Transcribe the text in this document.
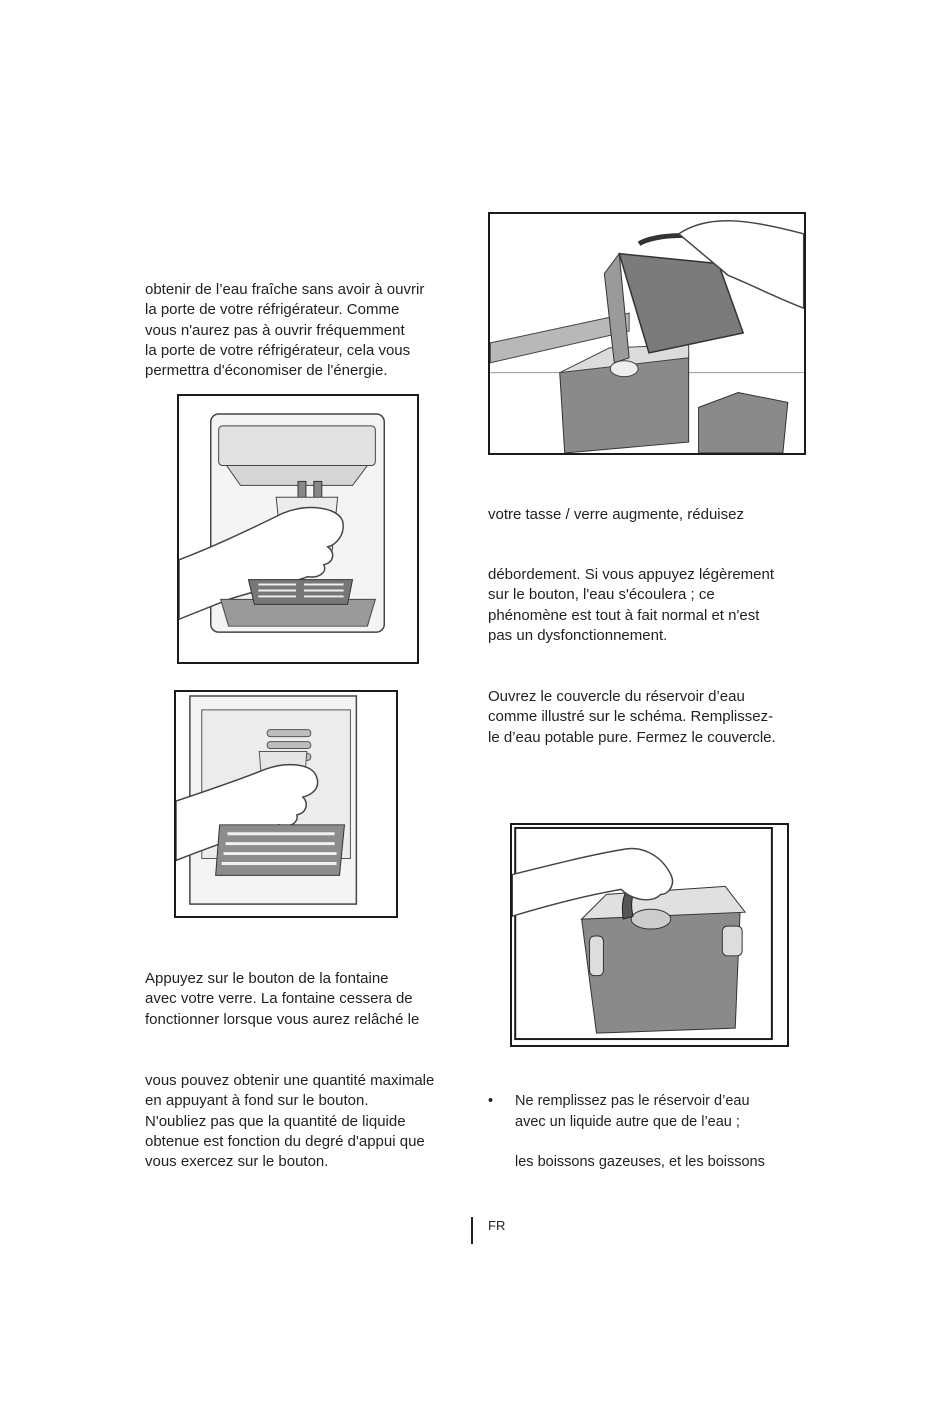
obtenir de l’eau fraîche sans avoir à ouvrir
la porte de votre réfrigérateur. Comme
vous n'aurez pas à ouvrir fréquemment
la porte de votre réfrigérateur, cela vous
permettra d'économiser de l'énergie.
Appuyez sur le bouton de la fontaine
avec votre verre. La fontaine cessera de
fonctionner lorsque vous aurez relâché le
vous pouvez obtenir une quantité maximale
en appuyant à fond sur le bouton.
N'oubliez pas que la quantité de liquide
obtenue est fonction du degré d'appui que
vous exercez sur le bouton.
votre tasse / verre augmente, réduisez
débordement. Si vous appuyez légèrement
sur le bouton, l'eau s'écoulera ; ce
phénomène est tout à fait normal et n'est
pas un dysfonctionnement.
Ouvrez le couvercle du réservoir d’eau
comme illustré sur le schéma. Remplissez-
le d’eau potable pure. Fermez le couvercle.
• Ne remplissez pas le réservoir d’eau
avec un liquide autre que de l’eau ;
les boissons gazeuses, et les boissons
FR
